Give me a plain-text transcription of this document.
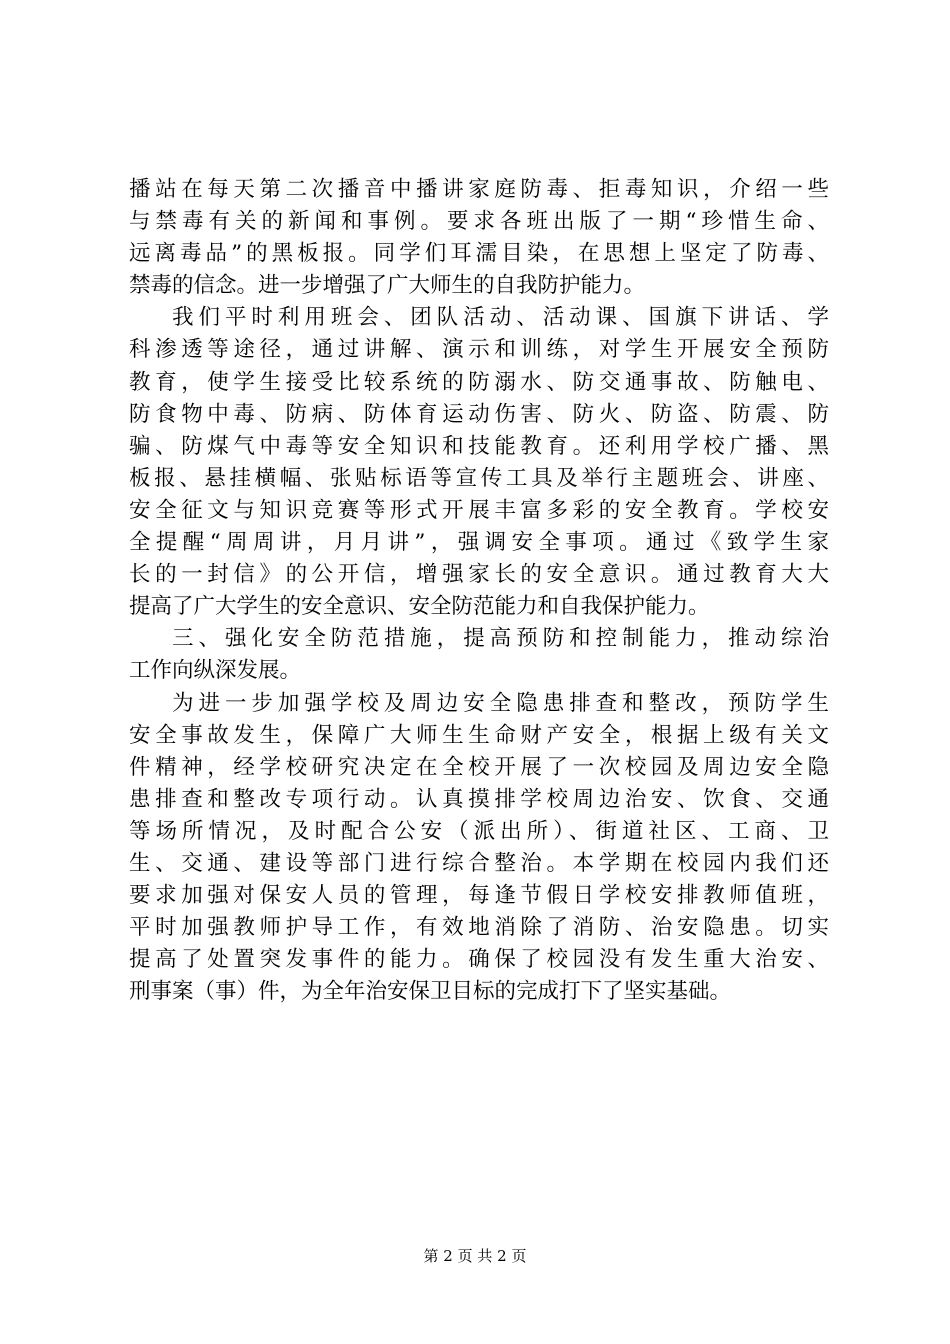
播站在每天第二次播音中播讲家庭防毒、拒毒知识，介绍一些
与禁毒有关的新闻和事例。要求各班出版了一期“珍惜生命、
远离毒品”的黑板报。同学们耳濡目染，在思想上坚定了防毒、
禁毒的信念。进一步增强了广大师生的自我防护能力。
我们平时利用班会、团队活动、活动课、国旗下讲话、学
科渗透等途径，通过讲解、演示和训练，对学生开展安全预防
教育，使学生接受比较系统的防溺水、防交通事故、防触电、
防食物中毒、防病、防体育运动伤害、防火、防盗、防震、防
骗、防煤气中毒等安全知识和技能教育。还利用学校广播、黑
板报、悬挂横幅、张贴标语等宣传工具及举行主题班会、讲座、
安全征文与知识竞赛等形式开展丰富多彩的安全教育。学校安
全提醒“周周讲，月月讲”，强调安全事项。通过《致学生家
长的一封信》的公开信，增强家长的安全意识。通过教育大大
提高了广大学生的安全意识、安全防范能力和自我保护能力。
三、强化安全防范措施，提高预防和控制能力，推动综治
工作向纵深发展。
为进一步加强学校及周边安全隐患排查和整改，预防学生
安全事故发生，保障广大师生生命财产安全，根据上级有关文
件精神，经学校研究决定在全校开展了一次校园及周边安全隐
患排查和整改专项行动。认真摸排学校周边治安、饮食、交通
等场所情况，及时配合公安（派出所）、街道社区、工商、卫
生、交通、建设等部门进行综合整治。本学期在校园内我们还
要求加强对保安人员的管理，每逢节假日学校安排教师值班，
平时加强教师护导工作，有效地消除了消防、治安隐患。切实
提高了处置突发事件的能力。确保了校园没有发生重大治安、
刑事案（事）件，为全年治安保卫目标的完成打下了坚实基础。
第 2 页 共 2 页
